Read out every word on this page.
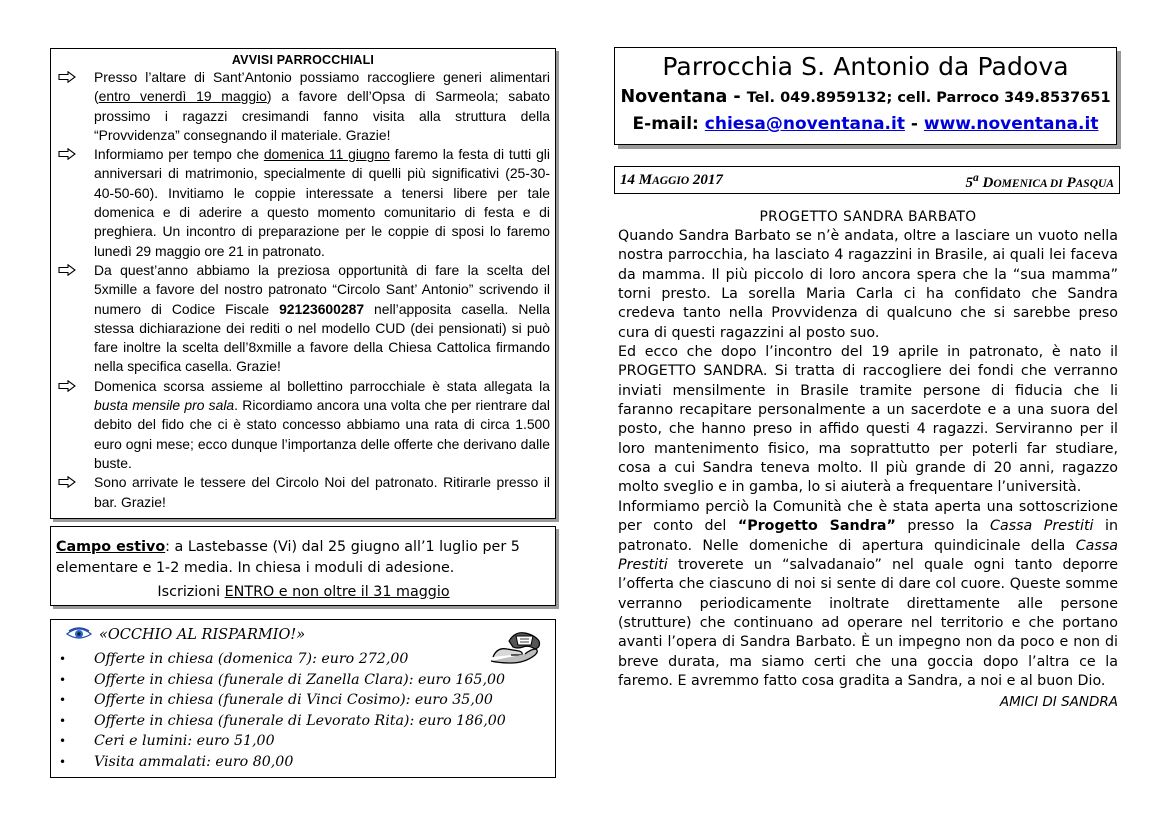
AVVISI PARROCCHIALI
Presso l’altare di Sant’Antonio possiamo raccogliere generi alimentari (entro venerdì 19 maggio) a favore dell’Opsa di Sarmeola; sabato prossimo i ragazzi cresimandi fanno visita alla struttura della “Provvidenza” consegnando il materiale. Grazie!
Informiamo per tempo che domenica 11 giugno faremo la festa di tutti gli anniversari di matrimonio, specialmente di quelli più significativi (25-30-40-50-60). Invitiamo le coppie interessate a tenersi libere per tale domenica e di aderire a questo momento comunitario di festa e di preghiera. Un incontro di preparazione per le coppie di sposi lo faremo lunedì 29 maggio ore 21 in patronato.
Da quest’anno abbiamo la preziosa opportunità di fare la scelta del 5xmille a favore del nostro patronato “Circolo Sant’ Antonio” scrivendo il numero di Codice Fiscale 92123600287 nell’apposita casella. Nella stessa dichiarazione dei rediti o nel modello CUD (dei pensionati) si può fare inoltre la scelta dell’8xmille a favore della Chiesa Cattolica firmando nella specifica casella. Grazie!
Domenica scorsa assieme al bollettino parrocchiale è stata allegata la busta mensile pro sala. Ricordiamo ancora una volta che per rientrare dal debito del fido che ci è stato concesso abbiamo una rata di circa 1.500 euro ogni mese; ecco dunque l’importanza delle offerte che derivano dalle buste.
Sono arrivate le tessere del Circolo Noi del patronato. Ritirarle presso il bar. Grazie!
Campo estivo: a Lastebasse (Vi) dal 25 giugno all’1 luglio per 5 elementare e 1-2 media. In chiesa i moduli di adesione.
Iscrizioni ENTRO e non oltre il 31 maggio
«OCCHIO AL RISPARMIO!»
• Offerte in chiesa (domenica 7): euro 272,00
• Offerte in chiesa (funerale di Zanella Clara): euro 165,00
• Offerte in chiesa (funerale di Vinci Cosimo): euro 35,00
• Offerte in chiesa (funerale di Levorato Rita): euro 186,00
• Ceri e lumini: euro 51,00
• Visita ammalati: euro 80,00
Parrocchia S. Antonio da Padova
Noventana - Tel. 049.8959132; cell. Parroco 349.8537651
E-mail: chiesa@noventana.it - www.noventana.it
14 MAGGIO 2017	5$^a$ DOMENICA DI PASQUA
PROGETTO SANDRA BARBATO

Quando Sandra Barbato se n’è andata, oltre a lasciare un vuoto nella nostra parrocchia, ha lasciato 4 ragazzini in Brasile, ai quali lei faceva da mamma. Il più piccolo di loro ancora spera che la “sua mamma” torni presto. La sorella Maria Carla ci ha confidato che Sandra credeva tanto nella Provvidenza di qualcuno che si sarebbe preso cura di questi ragazzini al posto suo.

Ed ecco che dopo l’incontro del 19 aprile in patronato, è nato il PROGETTO SANDRA. Si tratta di raccogliere dei fondi che verranno inviati mensilmente in Brasile tramite persone di fiducia che li faranno recapitare personalmente a un sacerdote e a una suora del posto, che hanno preso in affido questi 4 ragazzi. Serviranno per il loro mantenimento fisico, ma soprattutto per poterli far studiare, cosa a cui Sandra teneva molto. Il più grande di 20 anni, ragazzo molto sveglio e in gamba, lo si aiuterà a frequentare l’università.

Informiamo perciò la Comunità che è stata aperta una sottoscrizione per conto del “Progetto Sandra” presso la Cassa Prestiti in patronato. Nelle domeniche di apertura quindicinale della Cassa Prestiti troverete un “salvadanaio” nel quale ogni tanto deporre l’offerta che ciascuno di noi si sente di dare col cuore. Queste somme verranno periodicamente inoltrate direttamente alle persone (strutture) che continuano ad operare nel territorio e che portano avanti l’opera di Sandra Barbato. È un impegno non da poco e non di breve durata, ma siamo certi che una goccia dopo l’altra ce la faremo. E avremmo fatto cosa gradita a Sandra, a noi e al buon Dio.

AMICI DI SANDRA
